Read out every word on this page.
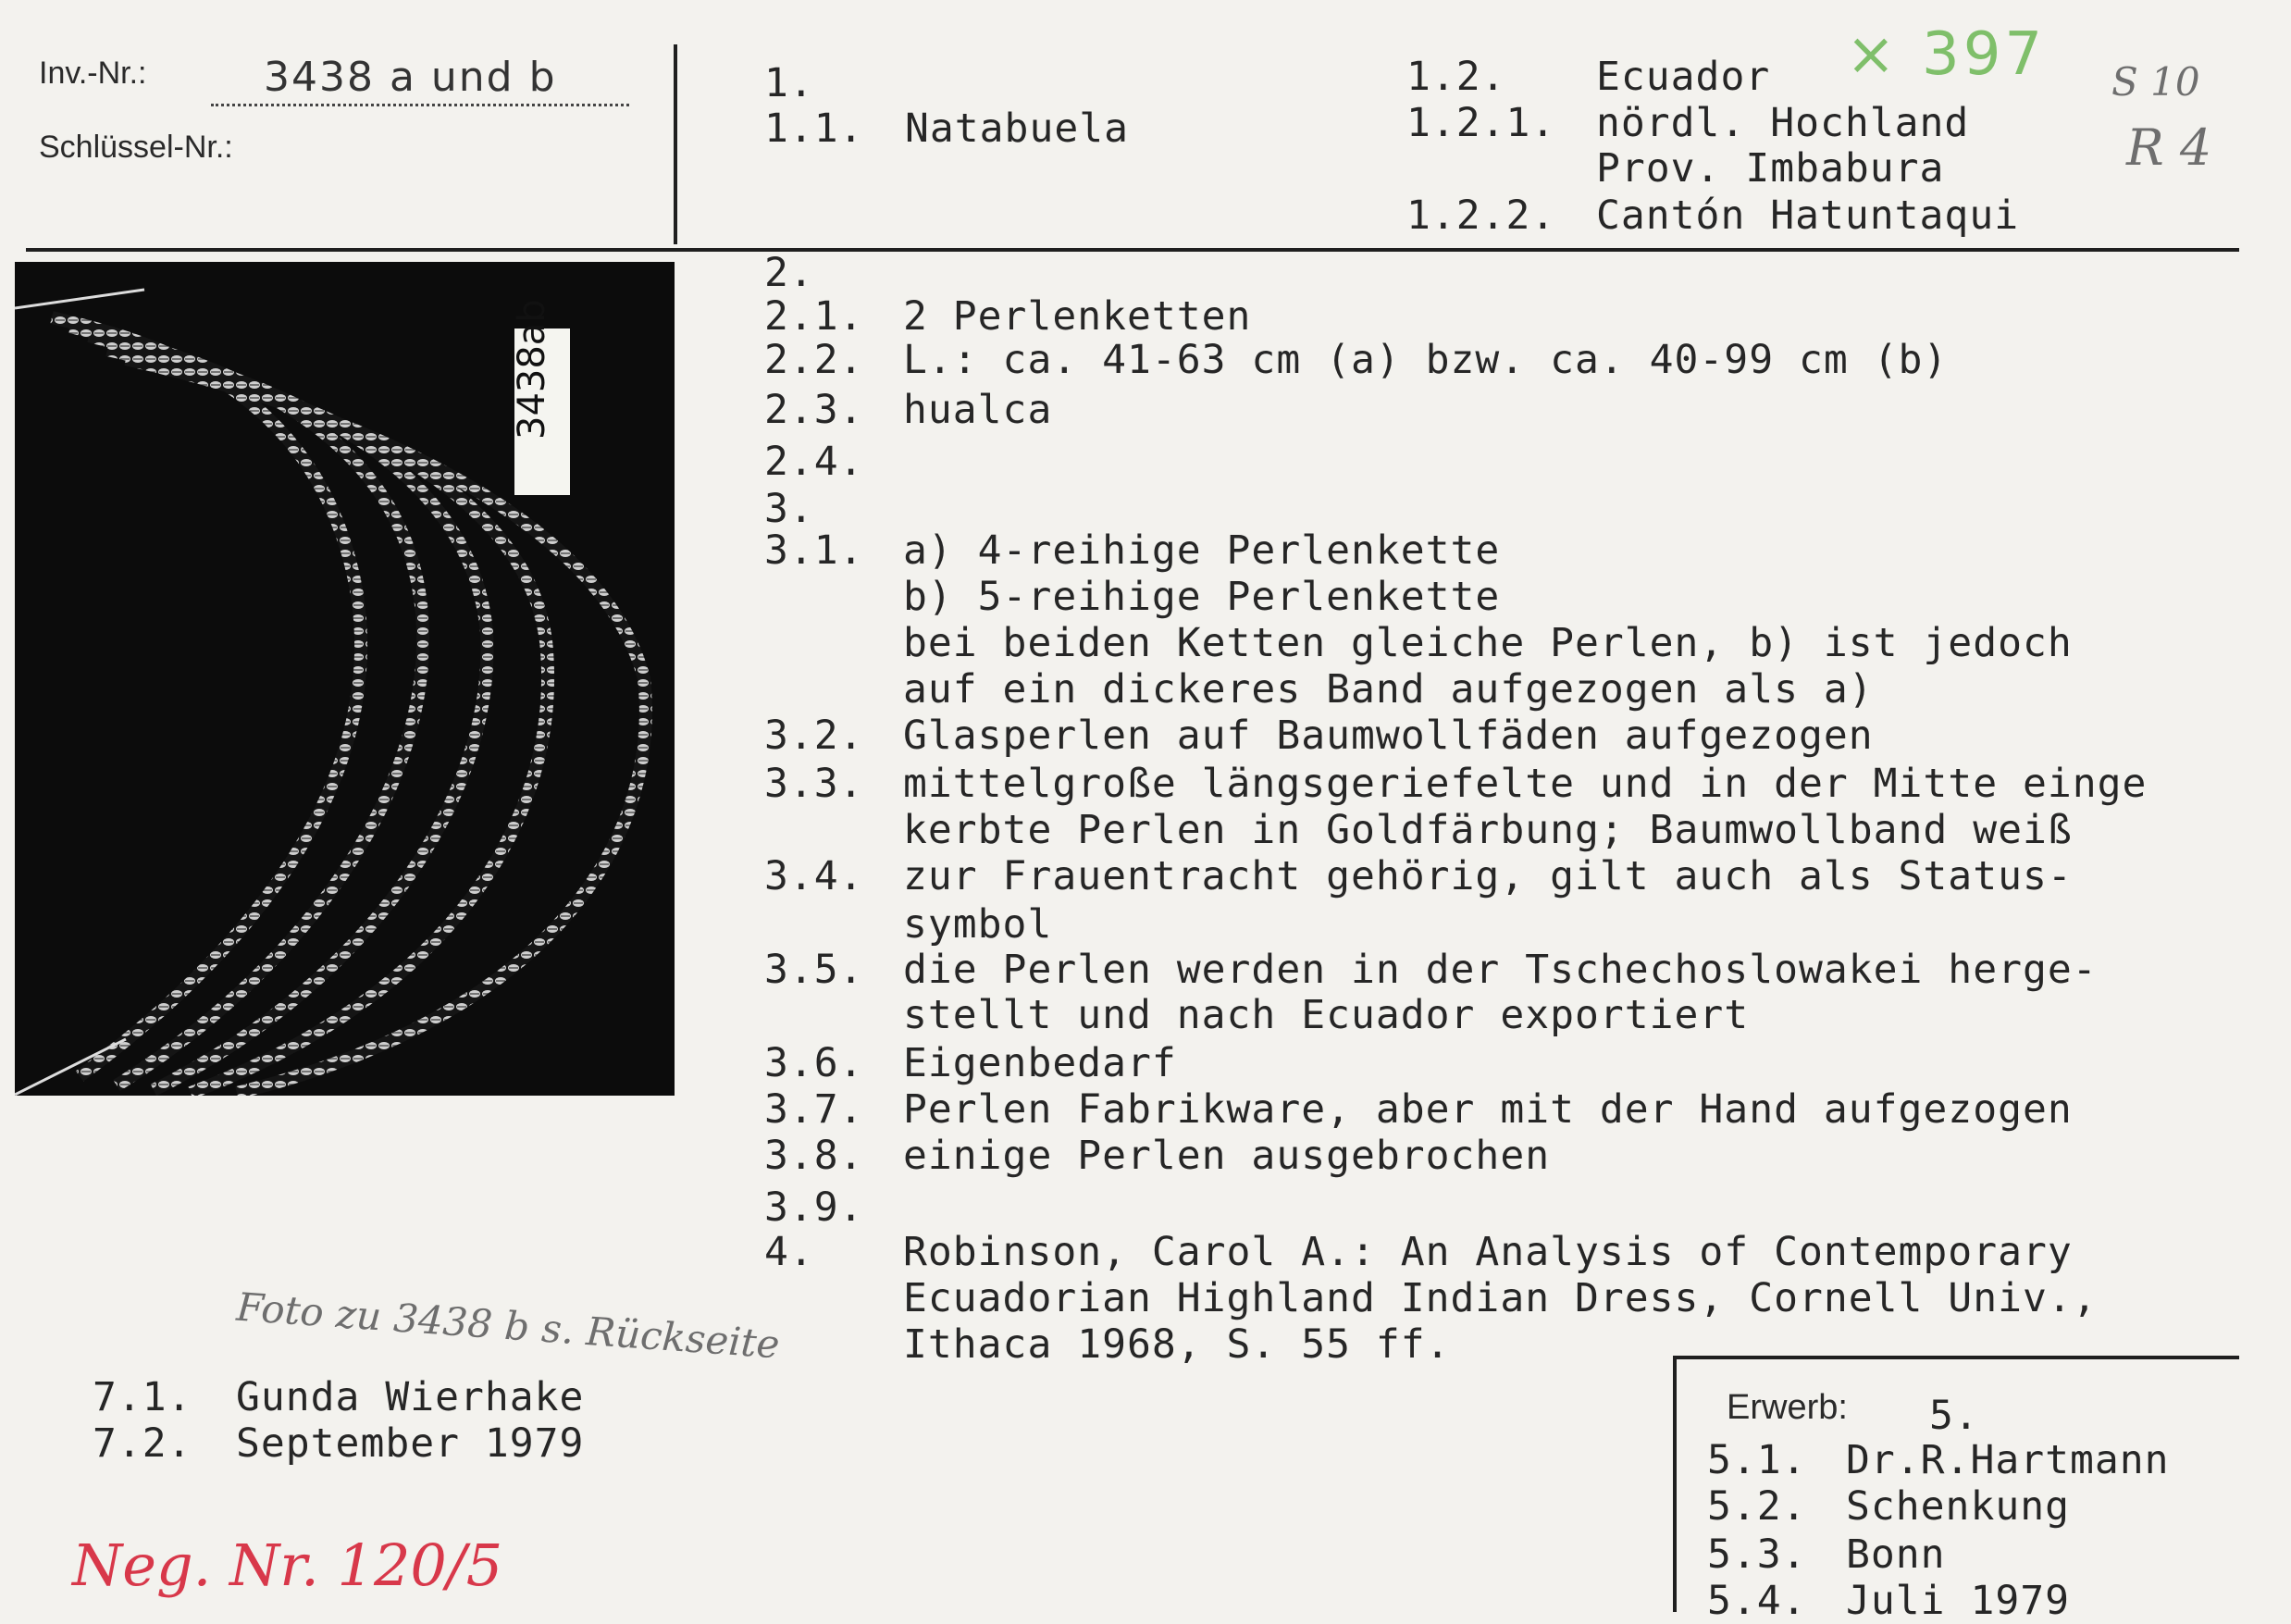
Inv.-Nr.:	3438 a und b
Schlüssel-Nr.:
1.
1.1. Natabuela
1.2. Ecuador
1.2.1. nördl. Hochland
Prov. Imbabura
1.2.2. Cantón Hatuntaqui
× 397 S 10
R 4
3438ab
2.
2.1. 2 Perlenketten
2.2. L.: ca. 41-63 cm (a) bzw. ca. 40-99 cm (b)
2.3. hualca
2.4.
3.
3.1. a) 4-reihige Perlenkette
b) 5-reihige Perlenkette
bei beiden Ketten gleiche Perlen, b) ist jedoch
auf ein dickeres Band aufgezogen als a)
3.2. Glasperlen auf Baumwollfäden aufgezogen
3.3. mittelgroße längsgeriefelte und in der Mitte einge
kerbte Perlen in Goldfärbung; Baumwollband weiß
3.4. zur Frauentracht gehörig, gilt auch als Status-
symbol
3.5. die Perlen werden in der Tschechoslowakei herge-
stellt und nach Ecuador exportiert
3.6. Eigenbedarf
3.7. Perlen Fabrikware, aber mit der Hand aufgezogen
3.8. einige Perlen ausgebrochen
3.9.
4. Robinson, Carol A.: An Analysis of Contemporary
Ecuadorian Highland Indian Dress, Cornell Univ.,
Ithaca 1968, S. 55 ff.
Foto zu 3438 b s. Rückseite
7.1. Gunda Wierhake
7.2. September 1979
Neg. Nr. 120/5
Erwerb: 5.
5.1. Dr.R.Hartmann
5.2. Schenkung
5.3. Bonn
5.4. Juli 1979
